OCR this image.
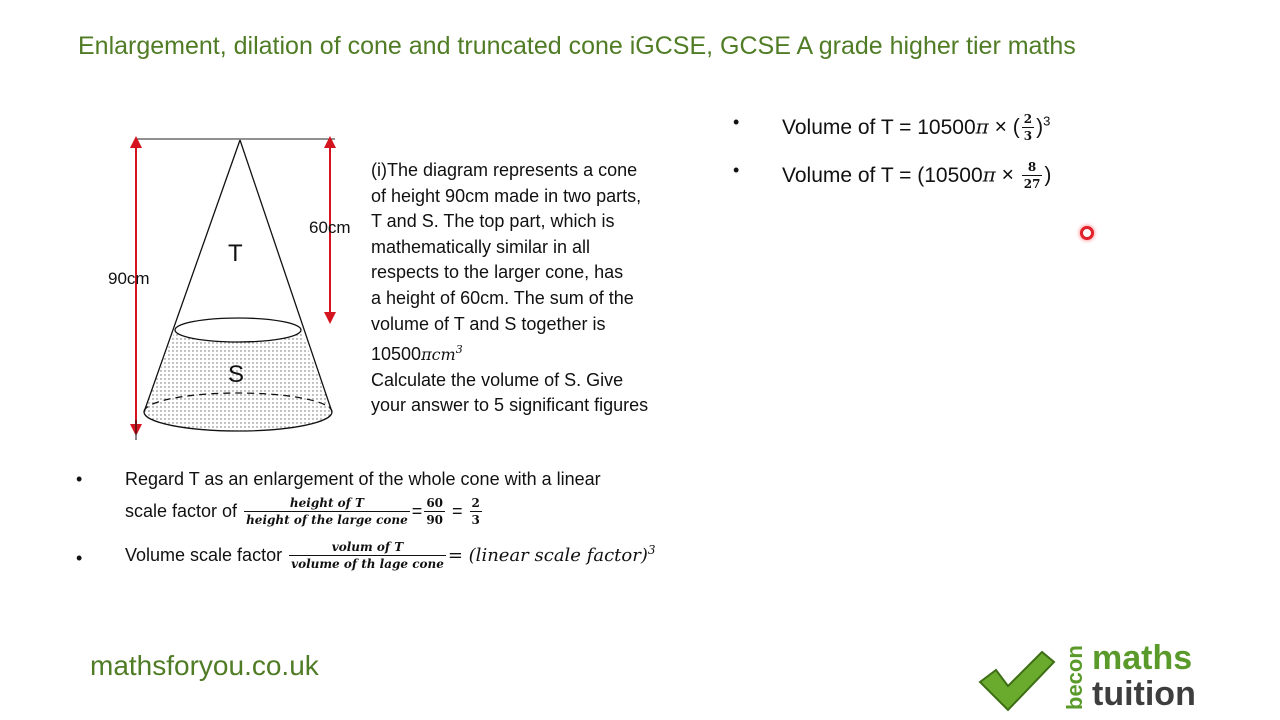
Enlargement, dilation of cone and truncated cone iGCSE, GCSE A grade higher tier maths
T
S
90cm
60cm
(i)The diagram represents a cone
of height 90cm made in two parts,
T and S. The top part, which is
mathematically similar in all
respects to the larger cone, has
a height of 60cm. The sum of the
volume of T and S together is
10500πcm$^3$
Calculate the volume of S. Give
your answer to 5 significant figures
• Regard T as an enlargement of the whole cone with a linear
scale factor of $\frac{\text{height of T}}{\text{height of the large cone}} = \frac{60}{90} = \frac{2}{3}$
• Volume scale factor $\frac{\text{volum of T}}{\text{volume of th lage cone}}$ = (linear scale factor)$^3$
• Volume of T = 10500π × ( $\frac{2}{3} )^3$
• Volume of $T = (10500\pi \times \frac{8}{27}$ )
mathsforyou.co.uk	becon maths
tuition
